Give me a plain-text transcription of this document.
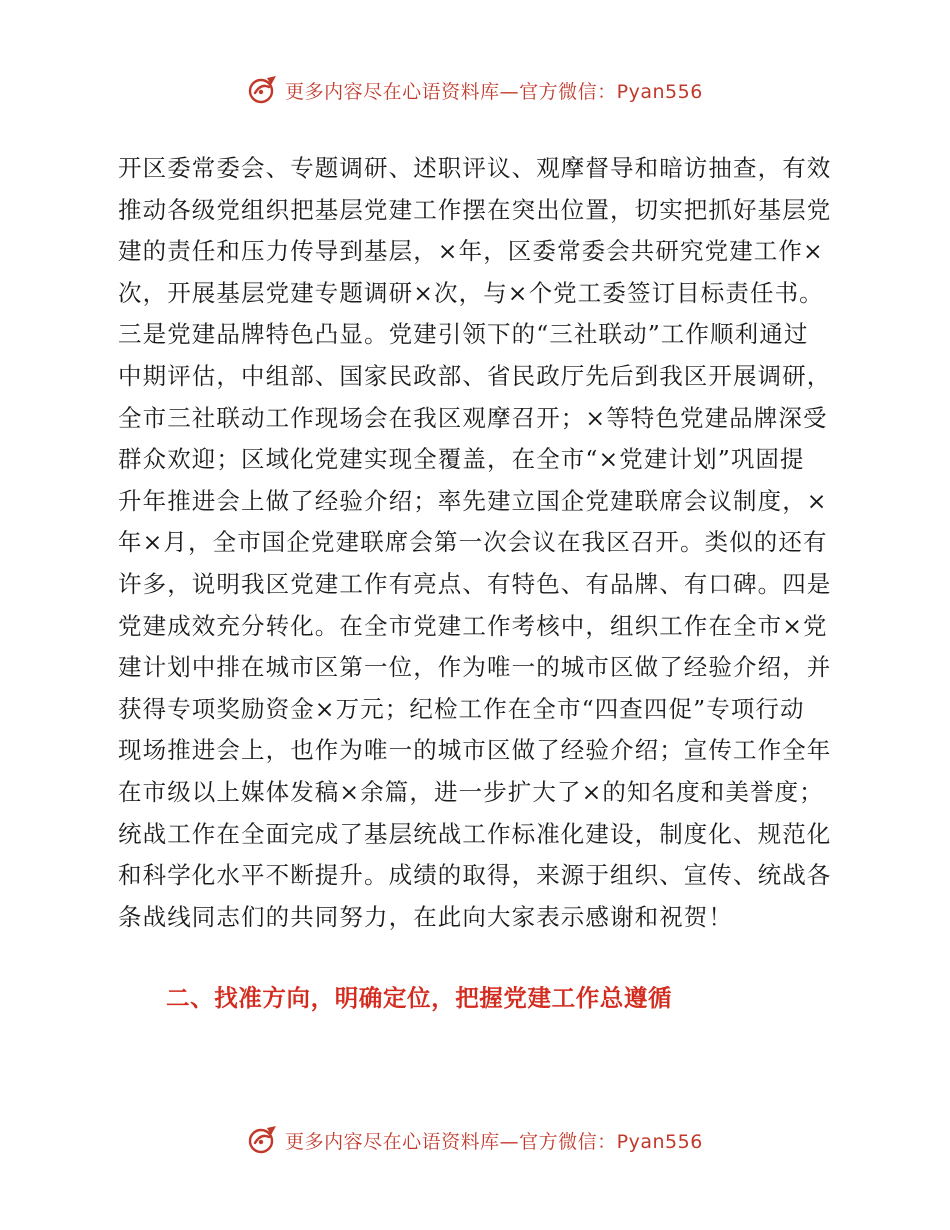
更多内容尽在心语资料库—官方微信：Pyan556
开区委常委会、专题调研、述职评议、观摩督导和暗访抽查，有效
推动各级党组织把基层党建工作摆在突出位置，切实把抓好基层党
建的责任和压力传导到基层，×年，区委常委会共研究党建工作×
次，开展基层党建专题调研×次，与×个党工委签订目标责任书。
三是党建品牌特色凸显。党建引领下的“三社联动”工作顺利通过
中期评估，中组部、国家民政部、省民政厅先后到我区开展调研，
全市三社联动工作现场会在我区观摩召开；×等特色党建品牌深受
群众欢迎；区域化党建实现全覆盖，在全市“×党建计划”巩固提
升年推进会上做了经验介绍；率先建立国企党建联席会议制度，×
年×月，全市国企党建联席会第一次会议在我区召开。类似的还有
许多，说明我区党建工作有亮点、有特色、有品牌、有口碑。四是
党建成效充分转化。在全市党建工作考核中，组织工作在全市×党
建计划中排在城市区第一位，作为唯一的城市区做了经验介绍，并
获得专项奖励资金×万元；纪检工作在全市“四查四促”专项行动
现场推进会上，也作为唯一的城市区做了经验介绍；宣传工作全年
在市级以上媒体发稿×余篇，进一步扩大了×的知名度和美誉度；
统战工作在全面完成了基层统战工作标准化建设，制度化、规范化
和科学化水平不断提升。成绩的取得，来源于组织、宣传、统战各
条战线同志们的共同努力，在此向大家表示感谢和祝贺！
二、找准方向，明确定位，把握党建工作总遵循
更多内容尽在心语资料库—官方微信：Pyan556
